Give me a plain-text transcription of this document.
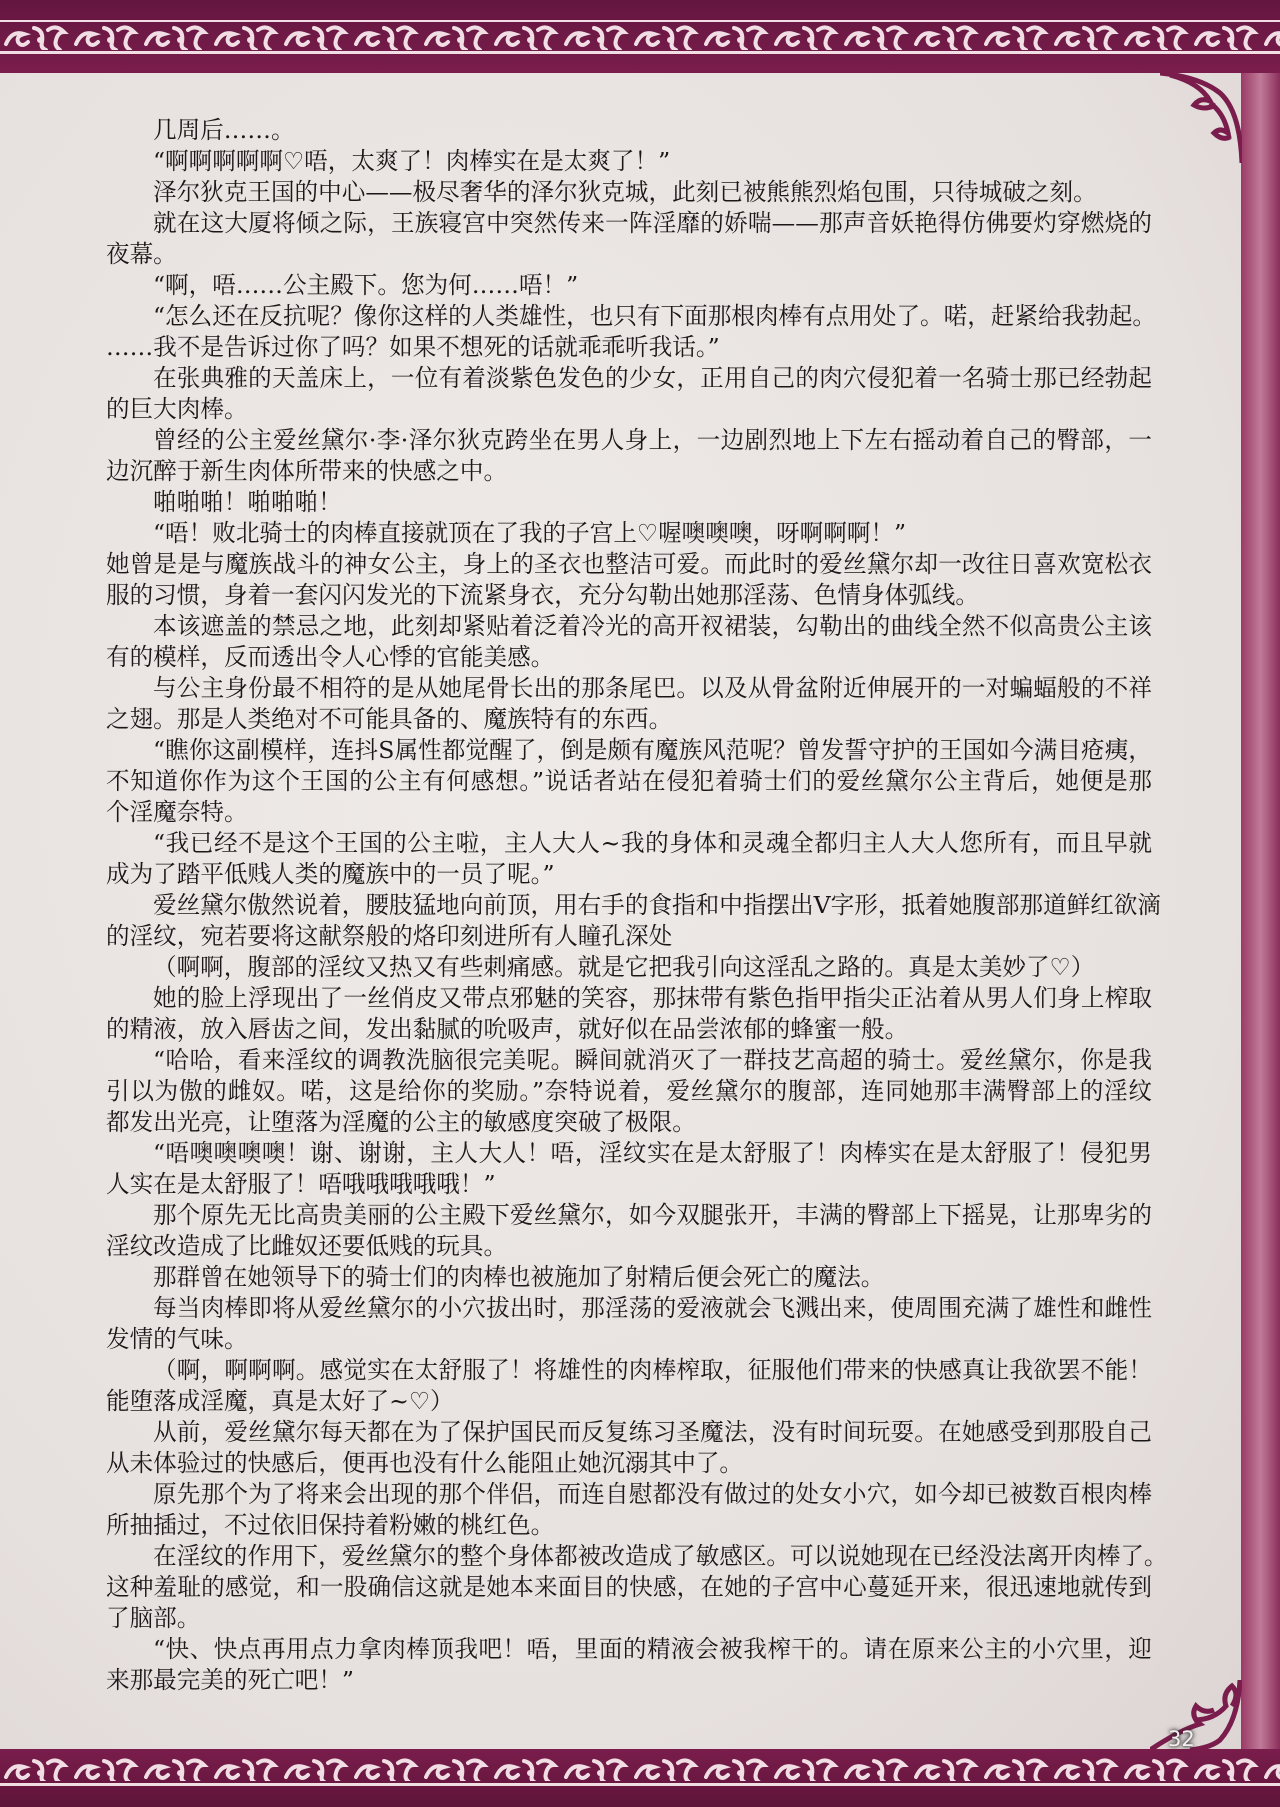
几周后……。
“啊啊啊啊啊♡唔，太爽了！肉棒实在是太爽了！”
泽尔狄克王国的中心——极尽奢华的泽尔狄克城，此刻已被熊熊烈焰包围，只待城破之刻。
就在这大厦将倾之际，王族寝宫中突然传来一阵淫靡的娇喘——那声音妖艳得仿佛要灼穿燃烧的
夜幕。
“啊，唔……公主殿下。您为何……唔！”
“怎么还在反抗呢？像你这样的人类雄性，也只有下面那根肉棒有点用处了。喏，赶紧给我勃起。
……我不是告诉过你了吗？如果不想死的话就乖乖听我话。”
在张典雅的天盖床上，一位有着淡紫色发色的少女，正用自己的肉穴侵犯着一名骑士那已经勃起
的巨大肉棒。
曾经的公主爱丝黛尔·李·泽尔狄克跨坐在男人身上，一边剧烈地上下左右摇动着自己的臀部，一
边沉醉于新生肉体所带来的快感之中。
啪啪啪！啪啪啪！
“唔！败北骑士的肉棒直接就顶在了我的子宫上♡喔噢噢噢，呀啊啊啊！”
她曾是是与魔族战斗的神女公主，身上的圣衣也整洁可爱。而此时的爱丝黛尔却一改往日喜欢宽松衣
服的习惯，身着一套闪闪发光的下流紧身衣，充分勾勒出她那淫荡、色情身体弧线。
本该遮盖的禁忌之地，此刻却紧贴着泛着冷光的高开衩裙装，勾勒出的曲线全然不似高贵公主该
有的模样，反而透出令人心悸的官能美感。
与公主身份最不相符的是从她尾骨长出的那条尾巴。以及从骨盆附近伸展开的一对蝙蝠般的不祥
之翅。那是人类绝对不可能具备的、魔族特有的东西。
“瞧你这副模样，连抖S属性都觉醒了，倒是颇有魔族风范呢？曾发誓守护的王国如今满目疮痍，
不知道你作为这个王国的公主有何感想。”说话者站在侵犯着骑士们的爱丝黛尔公主背后，她便是那
个淫魔奈特。
“我已经不是这个王国的公主啦，主人大人~我的身体和灵魂全都归主人大人您所有，而且早就
成为了踏平低贱人类的魔族中的一员了呢。”
爱丝黛尔傲然说着，腰肢猛地向前顶，用右手的食指和中指摆出V字形，抵着她腹部那道鲜红欲滴
的淫纹，宛若要将这献祭般的烙印刻进所有人瞳孔深处
（啊啊，腹部的淫纹又热又有些刺痛感。就是它把我引向这淫乱之路的。真是太美妙了♡）
她的脸上浮现出了一丝俏皮又带点邪魅的笑容，那抹带有紫色指甲指尖正沾着从男人们身上榨取
的精液，放入唇齿之间，发出黏腻的吮吸声，就好似在品尝浓郁的蜂蜜一般。
“哈哈，看来淫纹的调教洗脑很完美呢。瞬间就消灭了一群技艺高超的骑士。爱丝黛尔，你是我
引以为傲的雌奴。喏，这是给你的奖励。”奈特说着，爱丝黛尔的腹部，连同她那丰满臀部上的淫纹
都发出光亮，让堕落为淫魔的公主的敏感度突破了极限。
“唔噢噢噢噢！谢、谢谢，主人大人！唔，淫纹实在是太舒服了！肉棒实在是太舒服了！侵犯男
人实在是太舒服了！唔哦哦哦哦哦！”
那个原先无比高贵美丽的公主殿下爱丝黛尔，如今双腿张开，丰满的臀部上下摇晃，让那卑劣的
淫纹改造成了比雌奴还要低贱的玩具。
那群曾在她领导下的骑士们的肉棒也被施加了射精后便会死亡的魔法。
每当肉棒即将从爱丝黛尔的小穴拔出时，那淫荡的爱液就会飞溅出来，使周围充满了雄性和雌性
发情的气味。
（啊，啊啊啊。感觉实在太舒服了！将雄性的肉棒榨取，征服他们带来的快感真让我欲罢不能！
能堕落成淫魔，真是太好了~♡）
从前，爱丝黛尔每天都在为了保护国民而反复练习圣魔法，没有时间玩耍。在她感受到那股自己
从未体验过的快感后，便再也没有什么能阻止她沉溺其中了。
原先那个为了将来会出现的那个伴侣，而连自慰都没有做过的处女小穴，如今却已被数百根肉棒
所抽插过，不过依旧保持着粉嫩的桃红色。
在淫纹的作用下，爱丝黛尔的整个身体都被改造成了敏感区。可以说她现在已经没法离开肉棒了。
这种羞耻的感觉，和一股确信这就是她本来面目的快感，在她的子宫中心蔓延开来，很迅速地就传到
了脑部。
“快、快点再用点力拿肉棒顶我吧！唔，里面的精液会被我榨干的。请在原来公主的小穴里，迎
来那最完美的死亡吧！”
32
